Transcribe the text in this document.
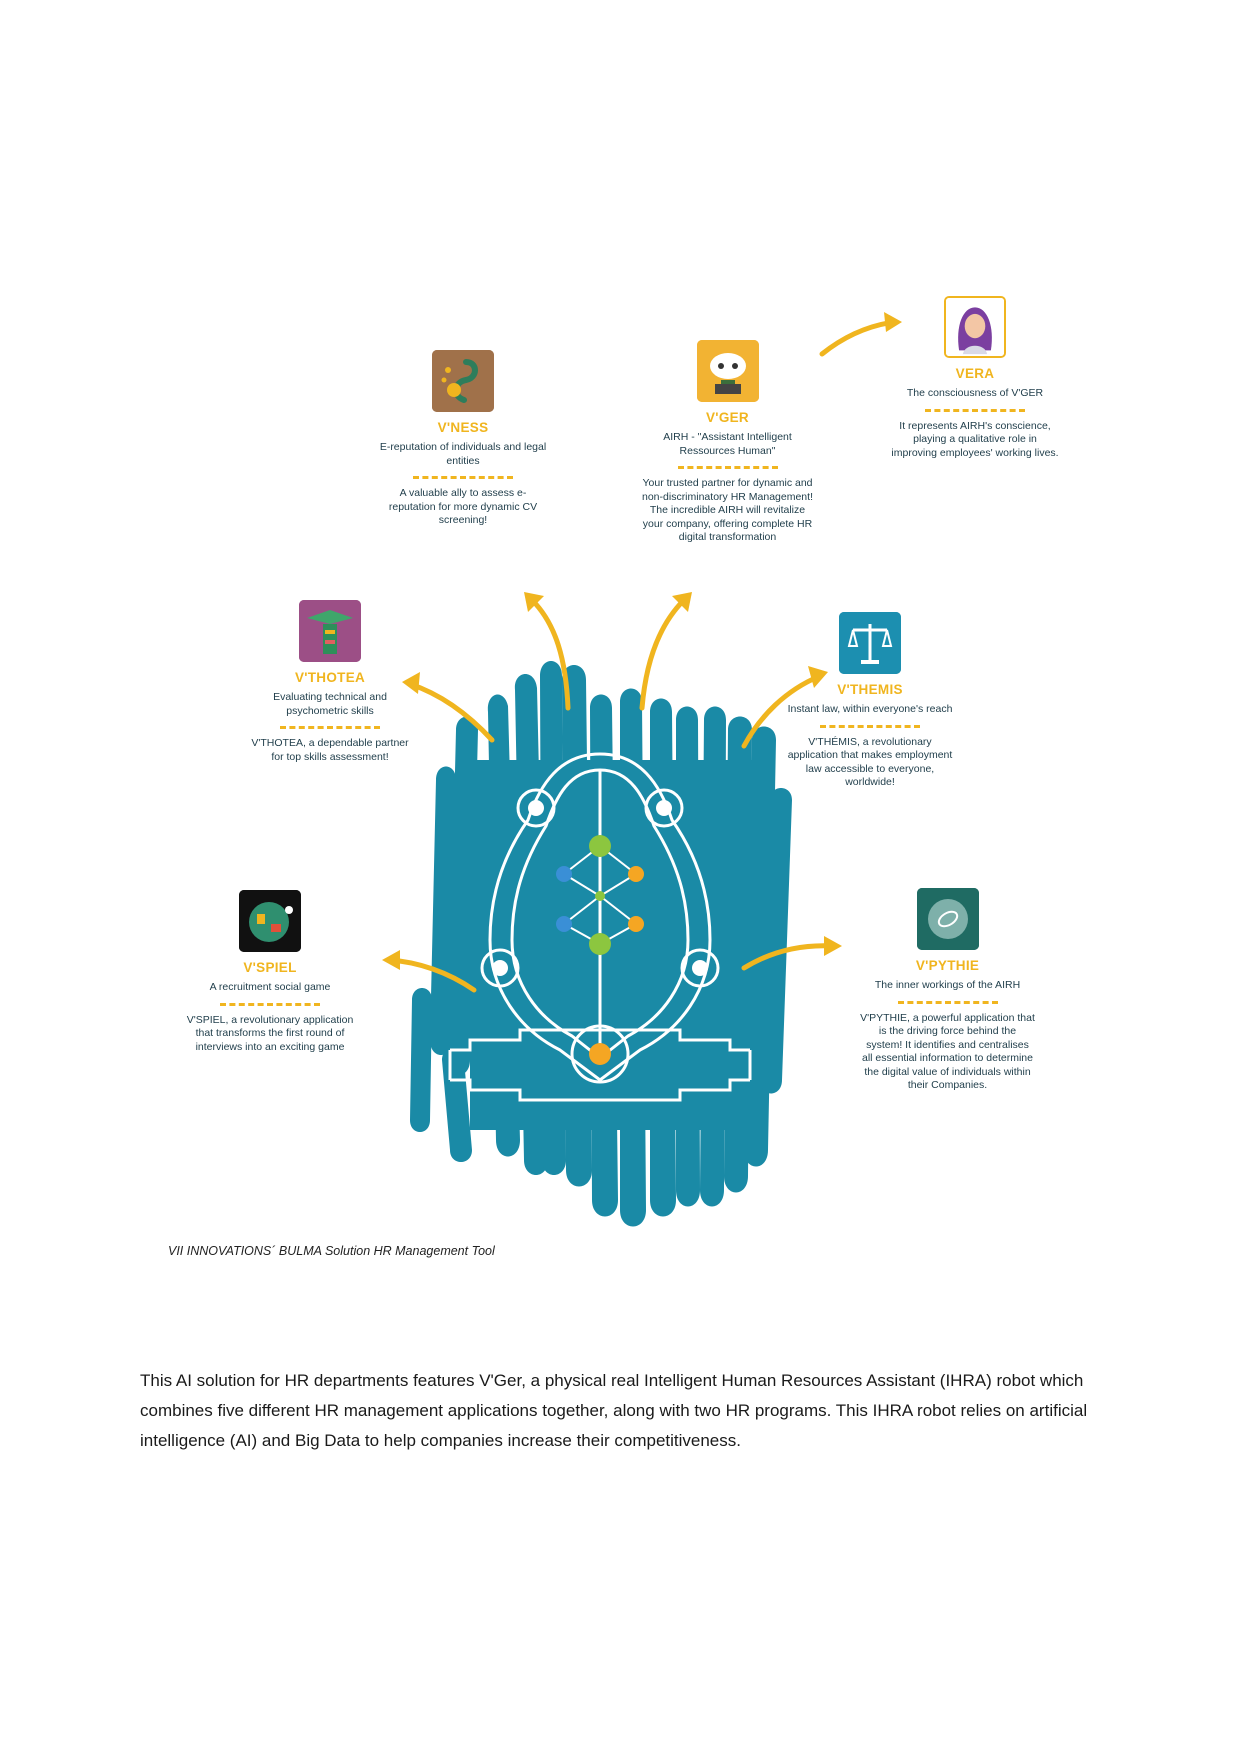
V'NESS
E-reputation of individuals and legal entities
A valuable ally to assess e-reputation for more dynamic CV screening!
V'GER
AIRH - "Assistant Intelligent Ressources Human"
Your trusted partner for dynamic and non-discriminatory HR Management! The incredible AIRH will revitalize your company, offering complete HR digital transformation
VERA
The consciousness of V'GER
It represents AIRH's conscience, playing a qualitative role in improving employees' working lives.
V'THOTEA
Evaluating technical and psychometric skills
V'THOTEA, a dependable partner for top skills assessment!
V'THEMIS
Instant law, within everyone's reach
V'THÉMIS, a revolutionary application that makes employment law accessible to everyone, worldwide!
V'SPIEL
A recruitment social game
V'SPIEL, a revolutionary application that transforms the first round of interviews into an exciting game
V'PYTHIE
The inner workings of the AIRH
V'PYTHIE, a powerful application that is the driving force behind the system! It identifies and centralises all essential information to determine the digital value of individuals within their Companies.
VII INNOVATIONS´ BULMA Solution HR Management Tool
This AI solution for HR departments features V'Ger, a physical real Intelligent Human Resources Assistant (IHRA) robot which combines five different HR management applications together, along with two HR programs. This IHRA robot relies on artificial intelligence (AI) and Big Data to help companies increase their competitiveness.
